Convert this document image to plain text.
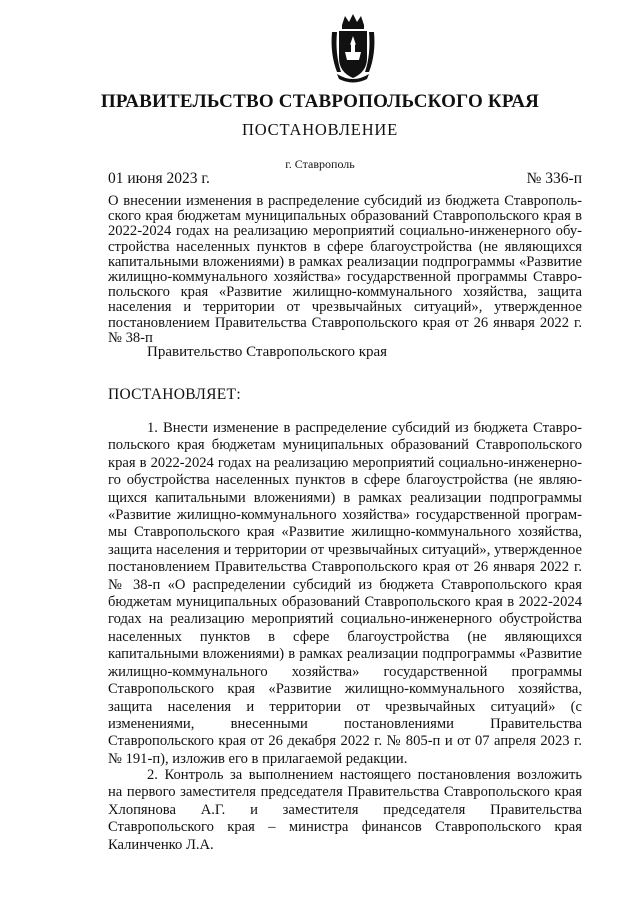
ПРАВИТЕЛЬСТВО СТАВРОПОЛЬСКОГО КРАЯ
ПОСТАНОВЛЕНИЕ
г. Ставрополь
01 июня 2023 г.	№ 336-п
О внесении изменения в распределение субсидий из бюджета Ставропольского края бюджетам муниципальных образований Ставропольского края в 2022-2024 годах на реализацию мероприятий социально-инженерного обустройства населенных пунктов в сфере благоустройства (не являющихся капитальными вложениями) в рамках реализации подпрограммы «Развитие жилищно-коммунального хозяйства» государственной программы Ставропольского края «Развитие жилищно-коммунального хозяйства, защита населения и территории от чрезвычайных ситуаций», утвержденное постановлением Правительства Ставропольского края от 26 января 2022 г. № 38-п
Правительство Ставропольского края
ПОСТАНОВЛЯЕТ:

1. Внести изменение в распределение субсидий из бюджета Ставропольского края бюджетам муниципальных образований Ставропольского края в 2022-2024 годах на реализацию мероприятий социально-инженерного обустройства населенных пунктов в сфере благоустройства (не являющихся капитальными вложениями) в рамках реализации подпрограммы «Развитие жилищно-коммунального хозяйства» государственной программы Ставропольского края «Развитие жилищно-коммунального хозяйства, защита населения и территории от чрезвычайных ситуаций», утвержденное постановлением Правительства Ставропольского края от 26 января 2022 г. № 38-п «О распределении субсидий из бюджета Ставропольского края бюджетам муниципальных образований Ставропольского края в 2022-2024 годах на реализацию мероприятий социально-инженерного обустройства населенных пунктов в сфере благоустройства (не являющихся капитальными вложениями) в рамках реализации подпрограммы «Развитие жилищно-коммунального хозяйства» государственной программы Ставропольского края «Развитие жилищно-коммунального хозяйства, защита населения и территории от чрезвычайных ситуаций» (с изменениями, внесенными постановлениями Правительства Ставропольского края от 26 декабря 2022 г. № 805-п и от 07 апреля 2023 г. № 191-п), изложив его в прилагаемой редакции.

2. Контроль за выполнением настоящего постановления возложить на первого заместителя председателя Правительства Ставропольского края Хлопянова А.Г. и заместителя председателя Правительства Ставропольского края – министра финансов Ставропольского края Калинченко Л.А.
